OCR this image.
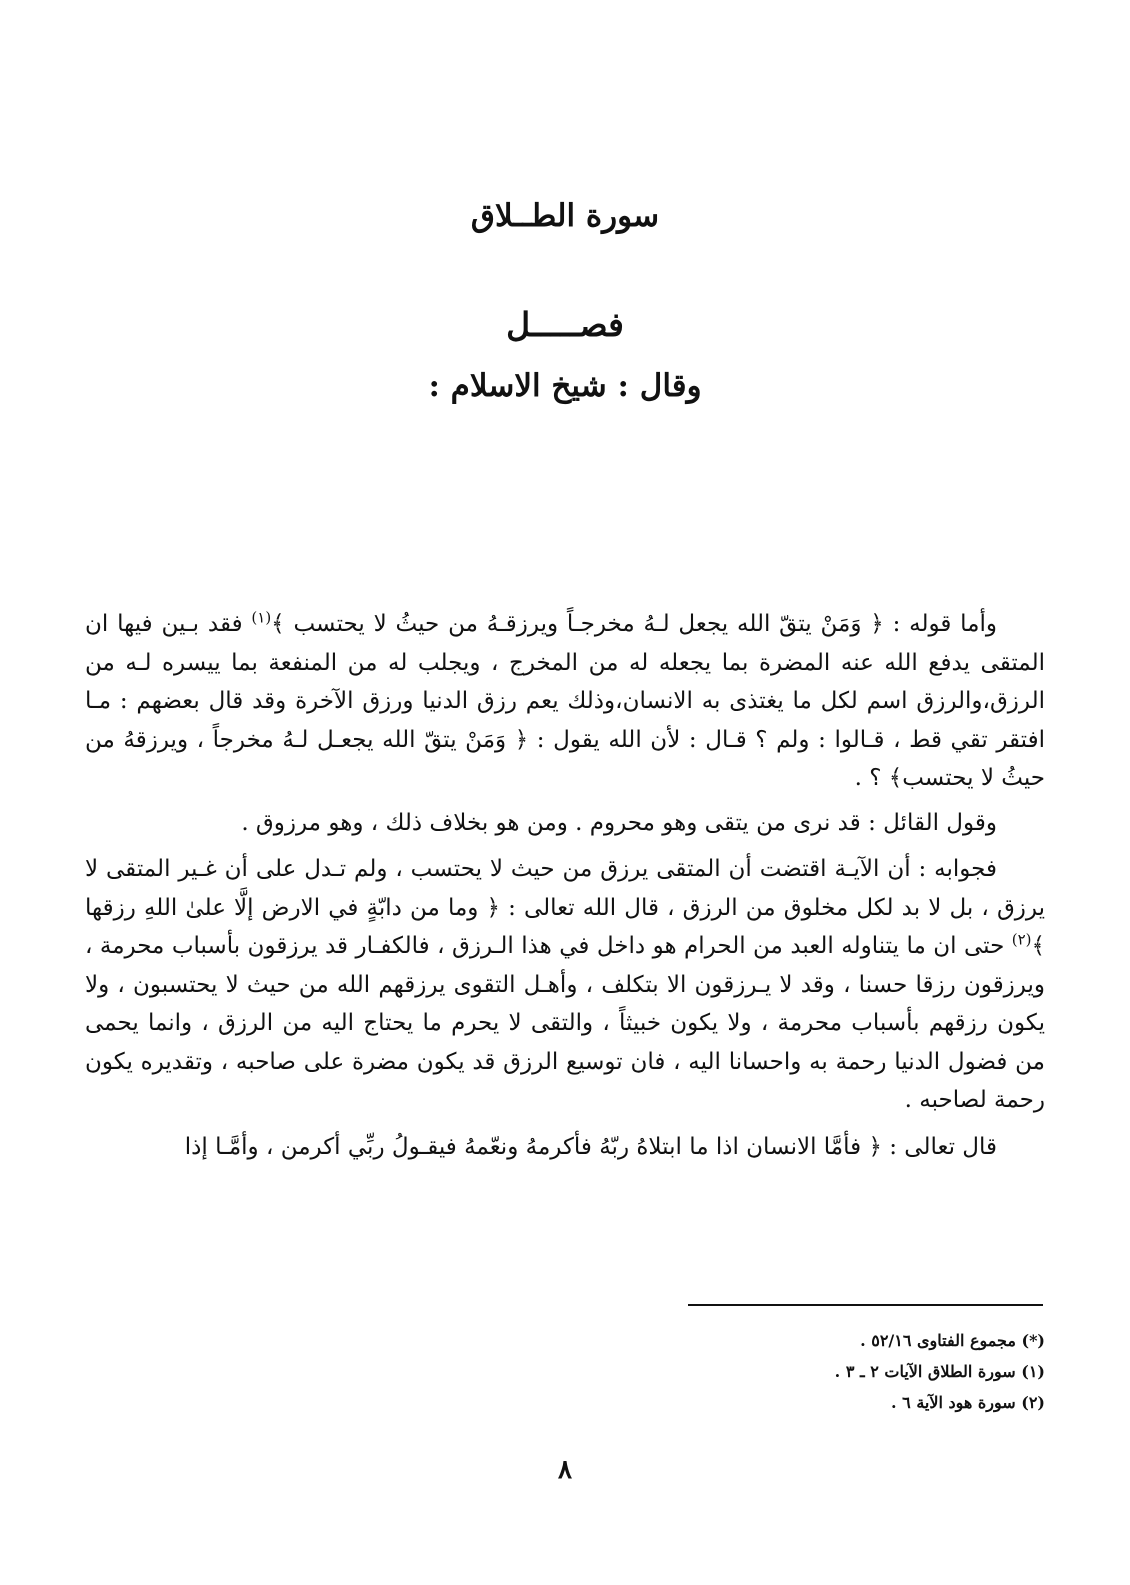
سورة الطــلاق
فصـــــل
وقال : شيخ الاسلام :

وأما قوله : ﴿ وَمَنْ يتقّ الله يجعل لـهُ مخرجـاً ويرزقـهُ من حيثُ لا يحتسب ﴾$^{(١)}$ فقد بـين فيها ان المتقى يدفع الله عنه المضرة بما يجعله له من المخرج ، ويجلب له من المنفعة بما ييسره لـه من الرزق،والرزق اسم لكل ما يغتذى به الانسان،وذلك يعم رزق الدنيا ورزق الآخرة وقد قال بعضهم : مـا افتقر تقي قط ، قـالوا : ولم ؟ قـال : لأن الله يقول : ﴿ وَمَنْ يتقّ الله يجعـل لـهُ مخرجاً ، ويرزقهُ من حيثُ لا يحتسب﴾ ؟ .

وقول القائل : قد نرى من يتقى وهو محروم . ومن هو بخلاف ذلك ، وهو مرزوق .

فجوابه : أن الآيـة اقتضت أن المتقى يرزق من حيث لا يحتسب ، ولم تـدل على أن غـير المتقى لا يرزق ، بل لا بد لكل مخلوق من الرزق ، قال الله تعالى : ﴿ وما من دابّةٍ في الارض إلَّا علىٰ اللهِ رزقها ﴾$^{(٢)}$ حتى ان ما يتناوله العبد من الحرام هو داخل في هذا الـرزق ، فالكفـار قد يرزقون بأسباب محرمة ، ويرزقون رزقا حسنا ، وقد لا يـرزقون الا بتكلف ، وأهـل التقوى يرزقهم الله من حيث لا يحتسبون ، ولا يكون رزقهم بأسباب محرمة ، ولا يكون خبيثاً ، والتقى لا يحرم ما يحتاج اليه من الرزق ، وانما يحمى من فضول الدنيا رحمة به واحسانا اليه ، فان توسيع الرزق قد يكون مضرة على صاحبه ، وتقديره يكون رحمة لصاحبه .

قال تعالى : ﴿ فأمَّا الانسان اذا ما ابتلاهُ ربّهُ فأكرمهُ ونعّمهُ فيقـولُ ربِّي أكرمن ، وأمَّـا إذا

(*) مجموع الفتاوى ٥٢/١٦ .

(١) سورة الطلاق الآيات ٢ ـ ٣ .

(٢) سورة هود الآية ٦ .

٨
